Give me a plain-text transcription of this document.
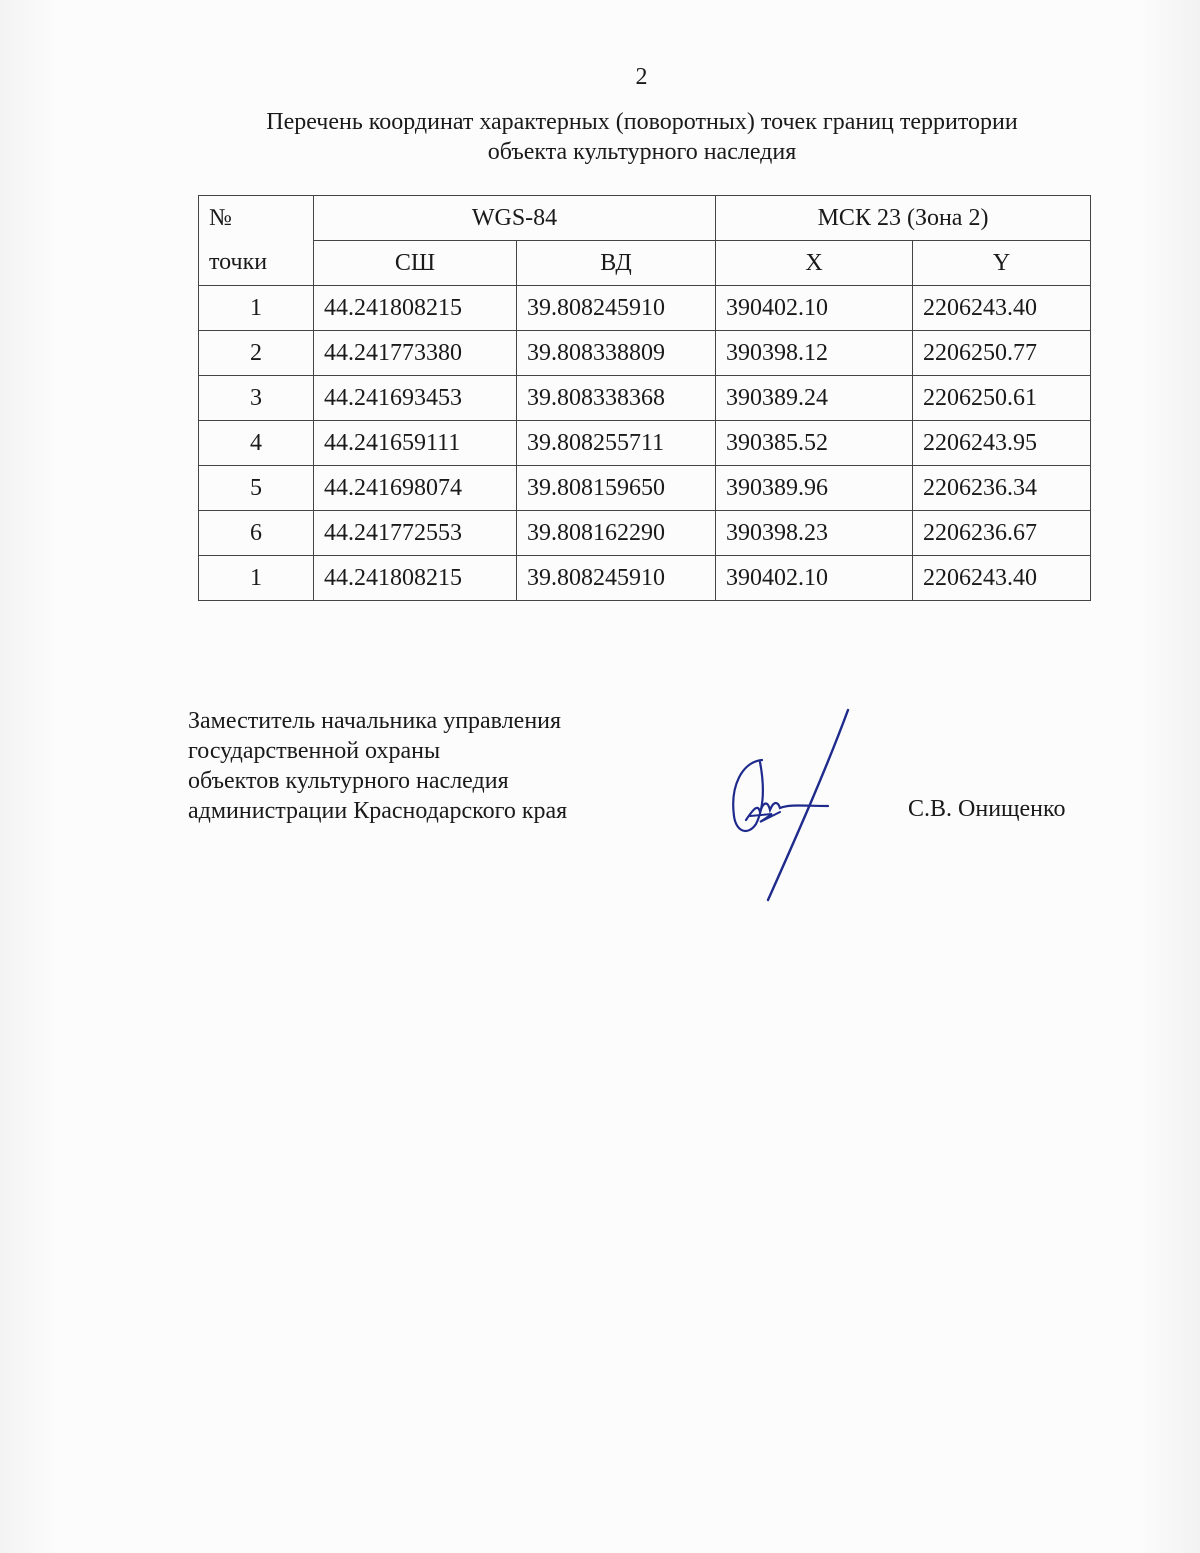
2
Перечень координат характерных (поворотных) точек границ территории
объекта культурного наследия
№	WGS-84		МСК 23 (Зона 2)	
точки	СШ	ВД	X	Y
1	44.241808215	39.808245910	390402.10	2206243.40
2	44.241773380	39.808338809	390398.12	2206250.77
3	44.241693453	39.808338368	390389.24	2206250.61
4	44.241659111	39.808255711	390385.52	2206243.95
5	44.241698074	39.808159650	390389.96	2206236.34
6	44.241772553	39.808162290	390398.23	2206236.67
1	44.241808215	39.808245910	390402.10	2206243.40
Заместитель начальника управления
государственной охраны
объектов культурного наследия
администрации Краснодарского края	С.В. Онищенко
